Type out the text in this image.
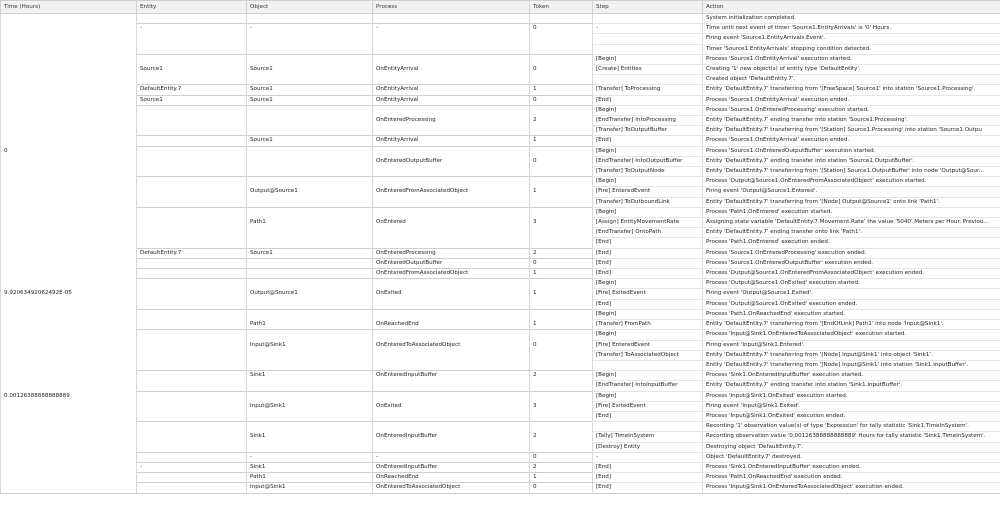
Time (Hours)	Entity	Object	Process	Token	Step	Action
						System initialization completed.
	-	-	-	0	-	Time until next event of timer 'Source1.EntityArrivals' is '0' Hours.
						Firing event 'Source1.EntityArrivals.Event'.
						Timer 'Source1.EntityArrivals' stopping condition detected.
					[Begin]	Process 'Source1.OnEntityArrival' execution started.
	Source1	Source1	OnEntityArrival	0	[Create] Entities	Creating '1' new object(s) of entity type 'DefaultEntity'.
						Created object 'DefaultEntity.7'.
	DefaultEntity.7	Source1	OnEntityArrival	1	[Transfer] ToProcessing	Entity 'DefaultEntity.7' transferring from '[FreeSpace] Source1' into station 'Source1.Processing'.
	Source1	Source1	OnEntityArrival	0	[End]	Process 'Source1.OnEntityArrival' execution ended.
					[Begin]	Process 'Source1.OnEnteredProcessing' execution started.
			OnEnteredProcessing	2	[EndTransfer] IntoProcessing	Entity 'DefaultEntity.7' ending transfer into station 'Source1.Processing'.
					[Transfer] ToOutputBuffer	Entity 'DefaultEntity.7' transferring from '[Station] Source1.Processing' into station 'Source1.Outpu
		Source1	OnEntityArrival	1	[End]	Process 'Source1.OnEntityArrival' execution ended.
0					[Begin]	Process 'Source1.OnEnteredOutputBuffer' execution started.
			OnEnteredOutputBuffer	0	[EndTransfer] IntoOutputBuffer	Entity 'DefaultEntity.7' ending transfer into station 'Source1.OutputBuffer'.
					[Transfer] ToOutputNode	Entity 'DefaultEntity.7' transferring from '[Station] Source1.OutputBuffer' into node 'Output@Sour...
					[Begin]	Process 'Output@Source1.OnEnteredFromAssociatedObject' execution started.
		Output@Source1	OnEnteredFromAssociatedObject	1	[Fire] EnteredEvent	Firing event 'Output@Source1.Entered'.
					[Transfer] ToOutboundLink	Entity 'DefaultEntity.7' transferring from '[Node] Output@Source1' onto link 'Path1'.
					[Begin]	Process 'Path1.OnEntered' execution started.
		Path1	OnEntered	3	[Assign] EntityMovementRate	Assigning state variable 'DefaultEntity.7.Movement.Rate' the value '5040' Meters per Hour. Previou...
					[EndTransfer] OntoPath	Entity 'DefaultEntity.7' ending transfer onto link 'Path1'.
					[End]	Process 'Path1.OnEntered' execution ended.
	DefaultEntity.7	Source1	OnEnteredProcessing	2	[End]	Process 'Source1.OnEnteredProcessing' execution ended.
			OnEnteredOutputBuffer	0	[End]	Process 'Source1.OnEnteredOutputBuffer' execution ended.
			OnEnteredFromAssociatedObject	1	[End]	Process 'Output@Source1.OnEnteredFromAssociatedObject' execution ended.
					[Begin]	Process 'Output@Source1.OnExited' execution started.
9.92063492062492E-05		Output@Source1	OnExited	1	[Fire] ExitedEvent	Firing event 'Output@Source1.Exited'.
					[End]	Process 'Output@Source1.OnExited' execution ended.
					[Begin]	Process 'Path1.OnReachedEnd' execution started.
		Path1	OnReachedEnd	1	[Transfer] FromPath	Entity 'DefaultEntity.7' transferring from '[EndOfLink] Path1' into node 'Input@Sink1'.
					[Begin]	Process 'Input@Sink1.OnEnteredToAssociatedObject' execution started.
		Input@Sink1	OnEnteredToAssociatedObject	0	[Fire] EnteredEvent	Firing event 'Input@Sink1.Entered'.
					[Transfer] ToAssociatedObject	Entity 'DefaultEntity.7' transferring from '[Node] Input@Sink1' into object 'Sink1'.
						Entity 'DefaultEntity.7' transferring from '[Node] Input@Sink1' into station 'Sink1.InputBuffer'.
		Sink1	OnEnteredInputBuffer	2	[Begin]	Process 'Sink1.OnEnteredInputBuffer' execution started.
					[EndTransfer] IntoInputBuffer	Entity 'DefaultEntity.7' ending transfer into station 'Sink1.InputBuffer'.
0.00126388888888889					[Begin]	Process 'Input@Sink1.OnExited' execution started.
		Input@Sink1	OnExited	3	[Fire] ExitedEvent	Firing event 'Input@Sink1.Exited'.
					[End]	Process 'Input@Sink1.OnExited' execution ended.
						Recording '1' observation value(s) of type 'Expression' for tally statistic 'Sink1.TimeInSystem'.
		Sink1	OnEnteredInputBuffer	2	[Tally] TimeInSystem	Recording observation value '0.00126388888888889' Hours for tally statistic 'Sink1.TimeInSystem'.
					[Destroy] Entity	Destroying object 'DefaultEntity.7'.
		-	-	0	-	Object 'DefaultEntity.7' destroyed.
	-	Sink1	OnEnteredInputBuffer	2	[End]	Process 'Sink1.OnEnteredInputBuffer' execution ended.
		Path1	OnReachedEnd	1	[End]	Process 'Path1.OnReachedEnd' execution ended.
		Input@Sink1	OnEnteredToAssociatedObject	0	[End]	Process 'Input@Sink1.OnEnteredToAssociatedObject' execution ended.
